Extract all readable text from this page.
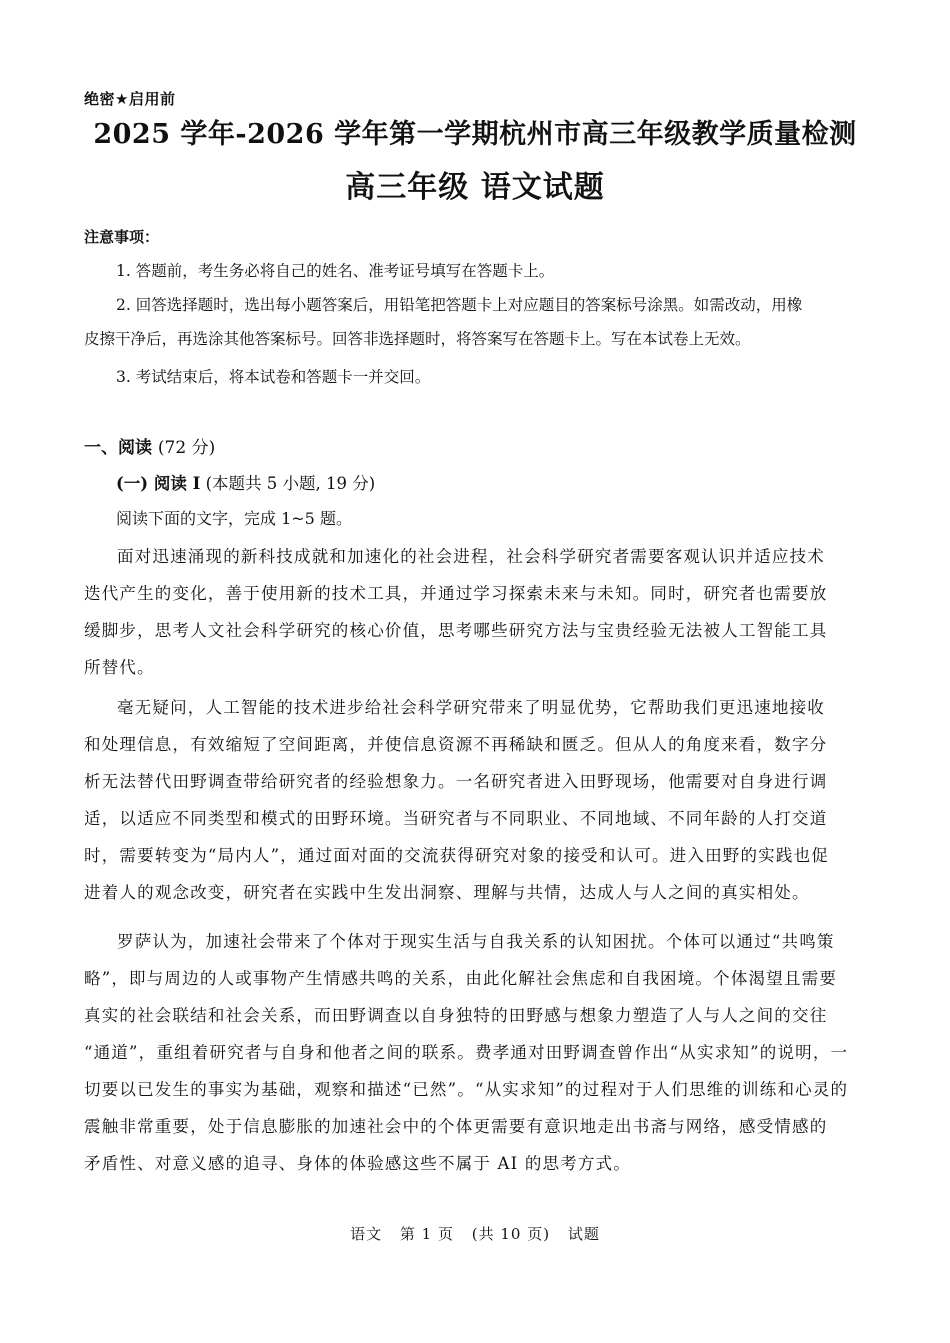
绝密★启用前
2025 学年-2026 学年第一学期杭州市高三年级教学质量检测
高三年级 语文试题
注意事项：
1. 答题前，考生务必将自己的姓名、准考证号填写在答题卡上。
2. 回答选择题时，选出每小题答案后，用铅笔把答题卡上对应题目的答案标号涂黑。如需改动，用橡
皮擦干净后，再选涂其他答案标号。回答非选择题时，将答案写在答题卡上。写在本试卷上无效。
3. 考试结束后，将本试卷和答题卡一并交回。
一、阅读 (72 分)
(一) 阅读 I (本题共 5 小题, 19 分)
阅读下面的文字，完成 1~5 题。
面对迅速涌现的新科技成就和加速化的社会进程，社会科学研究者需要客观认识并适应技术
迭代产生的变化，善于使用新的技术工具，并通过学习探索未来与未知。同时，研究者也需要放
缓脚步，思考人文社会科学研究的核心价值，思考哪些研究方法与宝贵经验无法被人工智能工具
所替代。
毫无疑问，人工智能的技术进步给社会科学研究带来了明显优势，它帮助我们更迅速地接收
和处理信息，有效缩短了空间距离，并使信息资源不再稀缺和匮乏。但从人的角度来看，数字分
析无法替代田野调查带给研究者的经验想象力。一名研究者进入田野现场，他需要对自身进行调
适，以适应不同类型和模式的田野环境。当研究者与不同职业、不同地域、不同年龄的人打交道
时，需要转变为“局内人”，通过面对面的交流获得研究对象的接受和认可。进入田野的实践也促
进着人的观念改变，研究者在实践中生发出洞察、理解与共情，达成人与人之间的真实相处。
罗萨认为，加速社会带来了个体对于现实生活与自我关系的认知困扰。个体可以通过“共鸣策
略”，即与周边的人或事物产生情感共鸣的关系，由此化解社会焦虑和自我困境。个体渴望且需要
真实的社会联结和社会关系，而田野调查以自身独特的田野感与想象力塑造了人与人之间的交往
“通道”，重组着研究者与自身和他者之间的联系。费孝通对田野调查曾作出“从实求知”的说明，一
切要以已发生的事实为基础，观察和描述“已然”。“从实求知”的过程对于人们思维的训练和心灵的
震触非常重要，处于信息膨胀的加速社会中的个体更需要有意识地走出书斋与网络，感受情感的
矛盾性、对意义感的追寻、身体的体验感这些不属于 AI 的思考方式。
语文 第 1 页 (共 10 页) 试题
